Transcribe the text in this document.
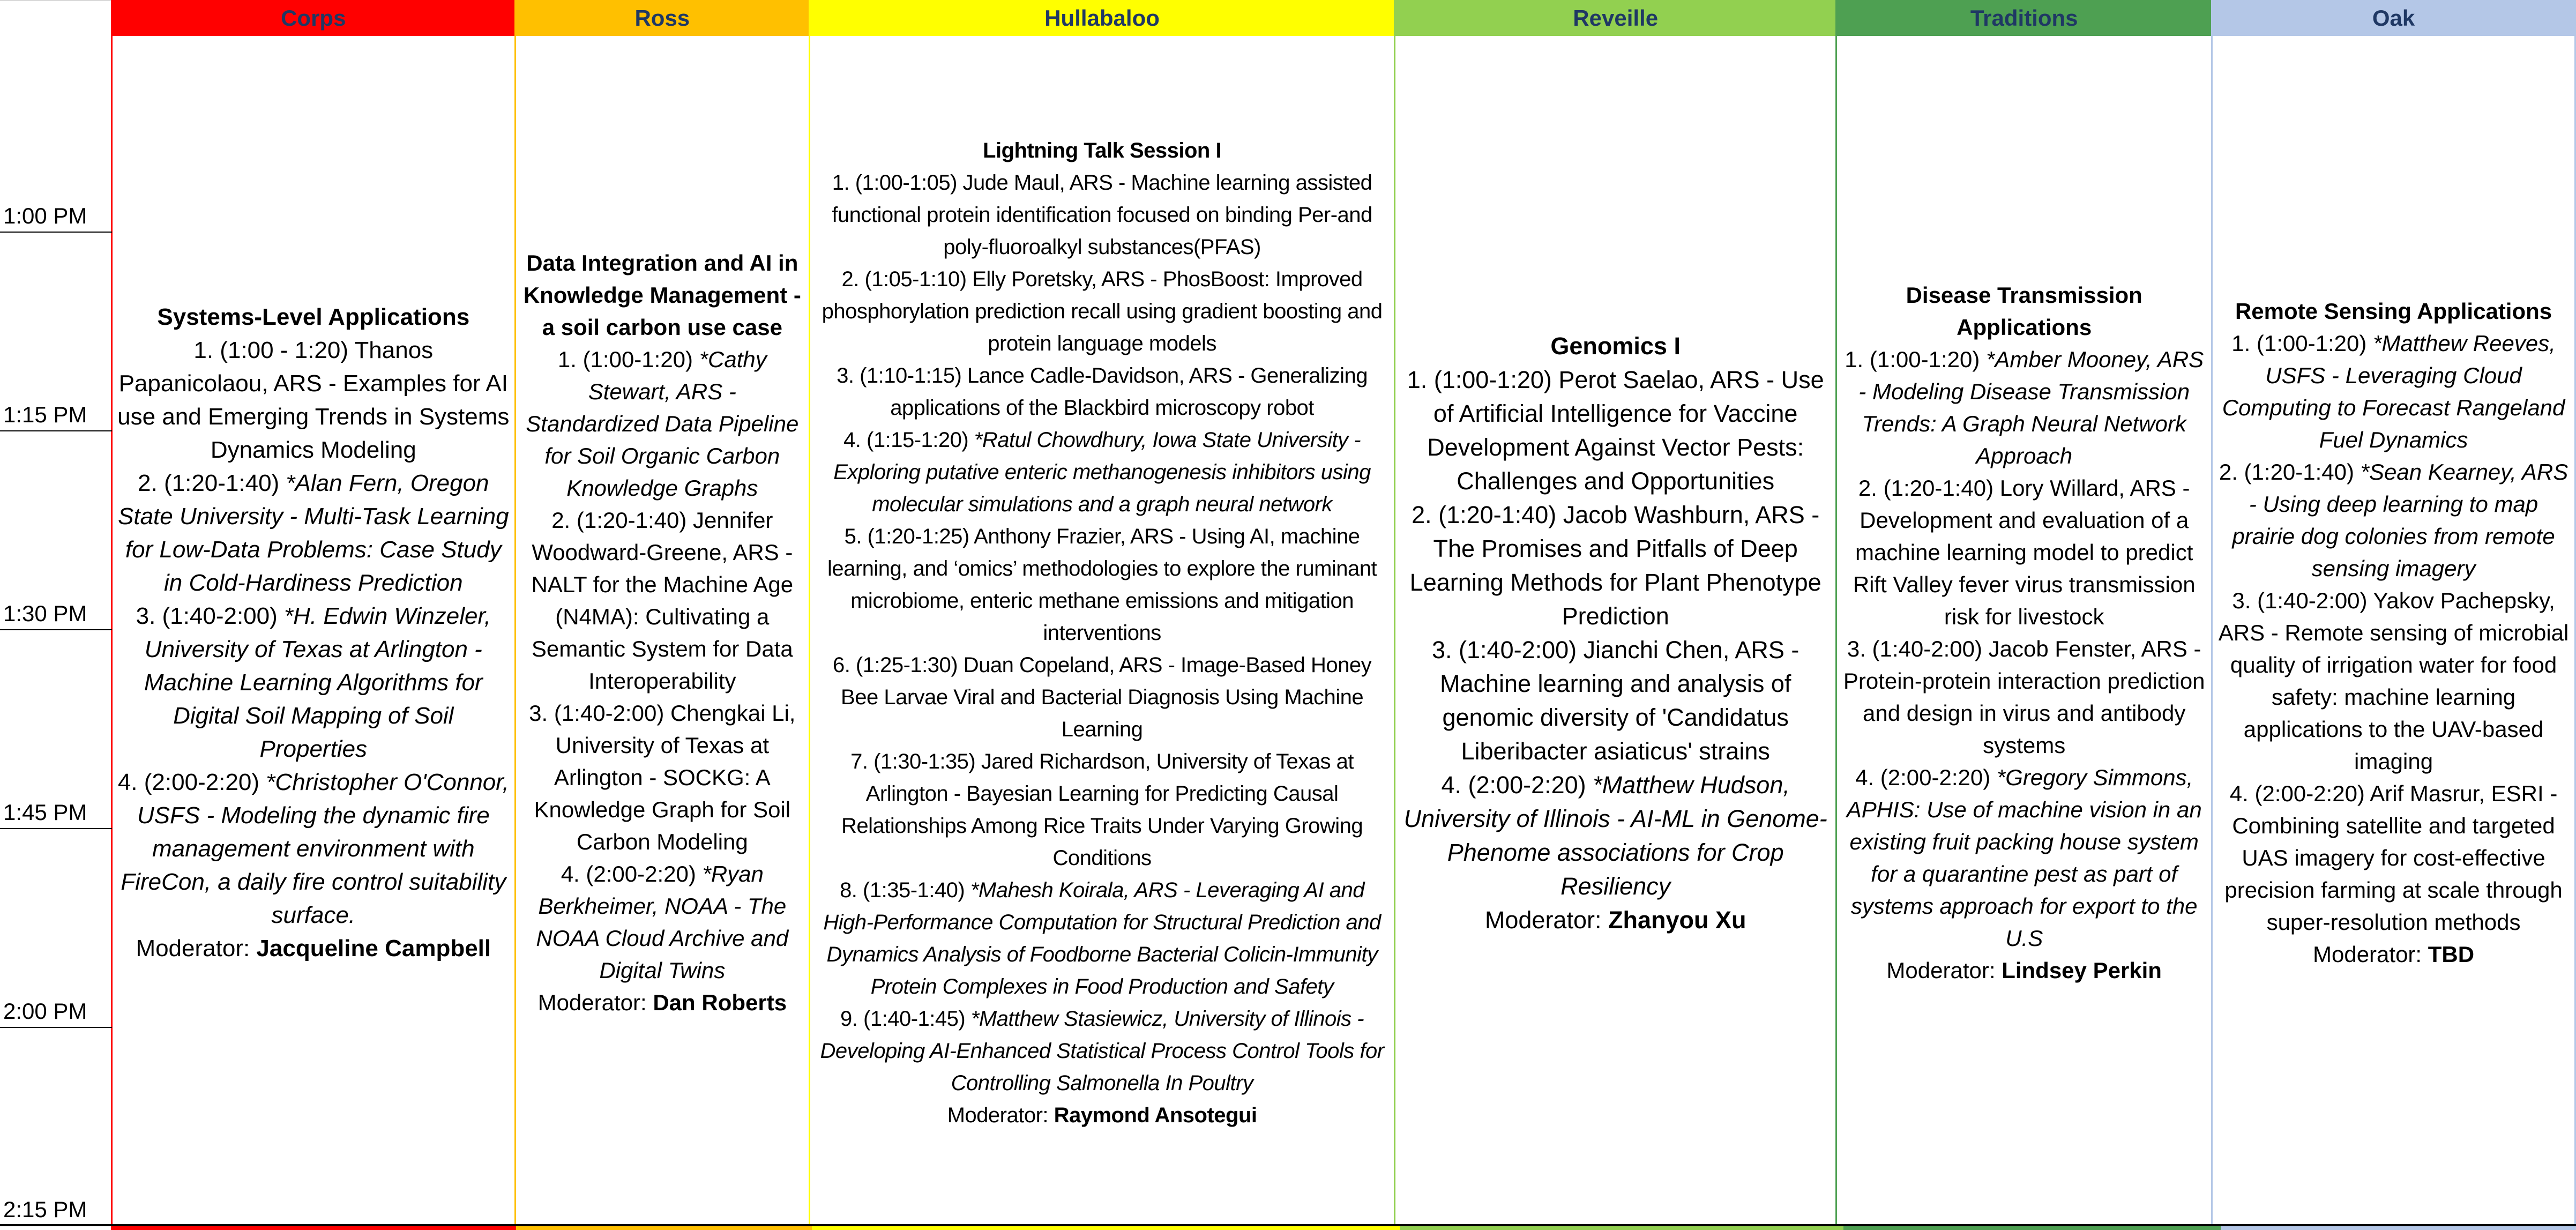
1:00 PM
1:15 PM
1:30 PM
1:45 PM
2:00 PM
2:15 PM
Corps
Systems-Level Applications
1. (1:00 - 1:20) Thanos Papanicolaou, ARS - Examples for AI use and Emerging Trends in Systems Dynamics Modeling
2. (1:20-1:40) *Alan Fern, Oregon State University - Multi-Task Learning for Low-Data Problems: Case Study in Cold-Hardiness Prediction
3. (1:40-2:00) *H. Edwin Winzeler, University of Texas at Arlington - Machine Learning Algorithms for Digital Soil Mapping of Soil Properties
4. (2:00-2:20) *Christopher O'Connor, USFS - Modeling the dynamic fire management environment with FireCon, a daily fire control suitability surface.
Moderator: Jacqueline Campbell
Ross
Data Integration and AI in Knowledge Management - a soil carbon use case
1. (1:00-1:20) *Cathy Stewart, ARS - Standardized Data Pipeline for Soil Organic Carbon Knowledge Graphs
2. (1:20-1:40) Jennifer Woodward-Greene, ARS - NALT for the Machine Age (N4MA): Cultivating a Semantic System for Data Interoperability
3. (1:40-2:00) Chengkai Li, University of Texas at Arlington - SOCKG: A Knowledge Graph for Soil Carbon Modeling
4. (2:00-2:20) *Ryan Berkheimer, NOAA - The NOAA Cloud Archive and Digital Twins
Moderator: Dan Roberts
Hullabaloo
Lightning Talk Session I
1. (1:00-1:05) Jude Maul, ARS - Machine learning assisted functional protein identification focused on binding Per-and poly-fluoroalkyl substances(PFAS)
2. (1:05-1:10) Elly Poretsky, ARS - PhosBoost: Improved phosphorylation prediction recall using gradient boosting and protein language models
3. (1:10-1:15) Lance Cadle-Davidson, ARS - Generalizing applications of the Blackbird microscopy robot
4. (1:15-1:20) *Ratul Chowdhury, Iowa State University - Exploring putative enteric methanogenesis inhibitors using molecular simulations and a graph neural network
5. (1:20-1:25) Anthony Frazier, ARS - Using AI, machine learning, and ‘omics’ methodologies to explore the ruminant microbiome, enteric methane emissions and mitigation interventions
6. (1:25-1:30) Duan Copeland, ARS - Image-Based Honey Bee Larvae Viral and Bacterial Diagnosis Using Machine Learning
7. (1:30-1:35) Jared Richardson, University of Texas at Arlington - Bayesian Learning for Predicting Causal Relationships Among Rice Traits Under Varying Growing Conditions
8. (1:35-1:40) *Mahesh Koirala, ARS - Leveraging AI and High-Performance Computation for Structural Prediction and Dynamics Analysis of Foodborne Bacterial Colicin-Immunity Protein Complexes in Food Production and Safety
9. (1:40-1:45) *Matthew Stasiewicz, University of Illinois - Developing AI-Enhanced Statistical Process Control Tools for Controlling Salmonella In Poultry
Moderator: Raymond Ansotegui
Reveille
Genomics I
1. (1:00-1:20) Perot Saelao, ARS - Use of Artificial Intelligence for Vaccine Development Against Vector Pests: Challenges and Opportunities
2. (1:20-1:40) Jacob Washburn, ARS - The Promises and Pitfalls of Deep Learning Methods for Plant Phenotype Prediction
3. (1:40-2:00) Jianchi Chen, ARS - Machine learning and analysis of genomic diversity of 'Candidatus Liberibacter asiaticus' strains
4. (2:00-2:20) *Matthew Hudson, University of Illinois - AI-ML in Genome-Phenome associations for Crop Resiliency
Moderator: Zhanyou Xu
Traditions
Disease Transmission Applications
1. (1:00-1:20) *Amber Mooney, ARS - Modeling Disease Transmission Trends: A Graph Neural Network Approach
2. (1:20-1:40) Lory Willard, ARS - Development and evaluation of a machine learning model to predict Rift Valley fever virus transmission risk for livestock
3. (1:40-2:00) Jacob Fenster, ARS - Protein-protein interaction prediction and design in virus and antibody systems
4. (2:00-2:20) *Gregory Simmons, APHIS: Use of machine vision in an existing fruit packing house system for a quarantine pest as part of systems approach for export to the U.S
Moderator: Lindsey Perkin
Oak
Remote Sensing Applications
1. (1:00-1:20) *Matthew Reeves, USFS - Leveraging Cloud Computing to Forecast Rangeland Fuel Dynamics
2. (1:20-1:40) *Sean Kearney, ARS - Using deep learning to map prairie dog colonies from remote sensing imagery
3. (1:40-2:00) Yakov Pachepsky, ARS - Remote sensing of microbial quality of irrigation water for food safety: machine learning applications to the UAV-based imaging
4. (2:00-2:20) Arif Masrur, ESRI - Combining satellite and targeted UAS imagery for cost-effective precision farming at scale through super-resolution methods
Moderator: TBD
